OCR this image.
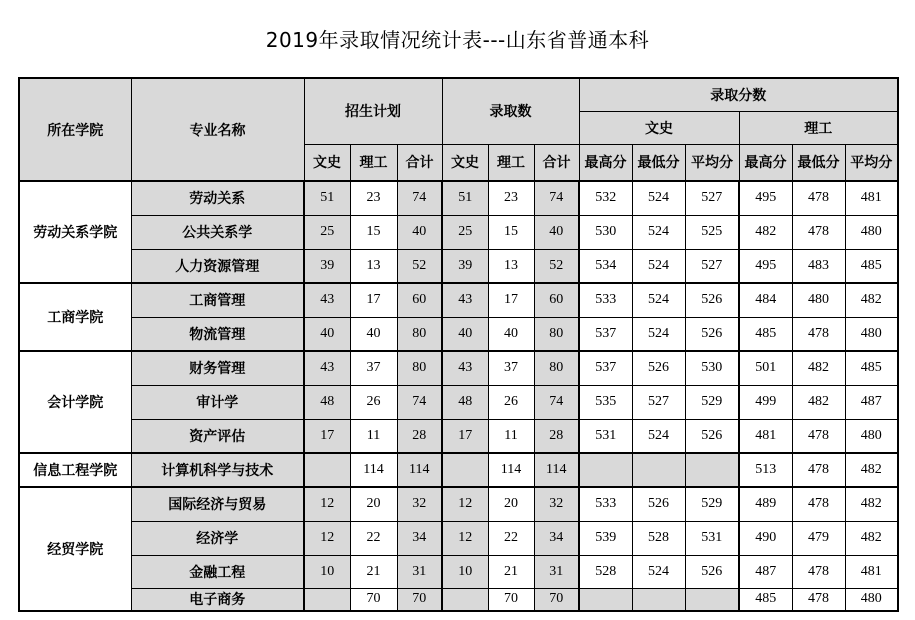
2019年录取情况统计表---山东省普通本科
所在学院	专业名称	招生计划			录取数			录取分数					
								文史			理工		
		文史	理工	合计	文史	理工	合计	最高分	最低分	平均分	最高分	最低分	平均分
劳动关系学院	劳动关系	51	23	74	51	23	74	532	524	527	495	478	481
	公共关系学	25	15	40	25	15	40	530	524	525	482	478	480
	人力资源管理	39	13	52	39	13	52	534	524	527	495	483	485
工商学院	工商管理	43	17	60	43	17	60	533	524	526	484	480	482
	物流管理	40	40	80	40	40	80	537	524	526	485	478	480
会计学院	财务管理	43	37	80	43	37	80	537	526	530	501	482	485
	审计学	48	26	74	48	26	74	535	527	529	499	482	487
	资产评估	17	11	28	17	11	28	531	524	526	481	478	480
信息工程学院	计算机科学与技术		114	114		114	114				513	478	482
经贸学院	国际经济与贸易	12	20	32	12	20	32	533	526	529	489	478	482
	经济学	12	22	34	12	22	34	539	528	531	490	479	482
	金融工程	10	21	31	10	21	31	528	524	526	487	478	481
	电子商务		70	70		70	70				485	478	480
